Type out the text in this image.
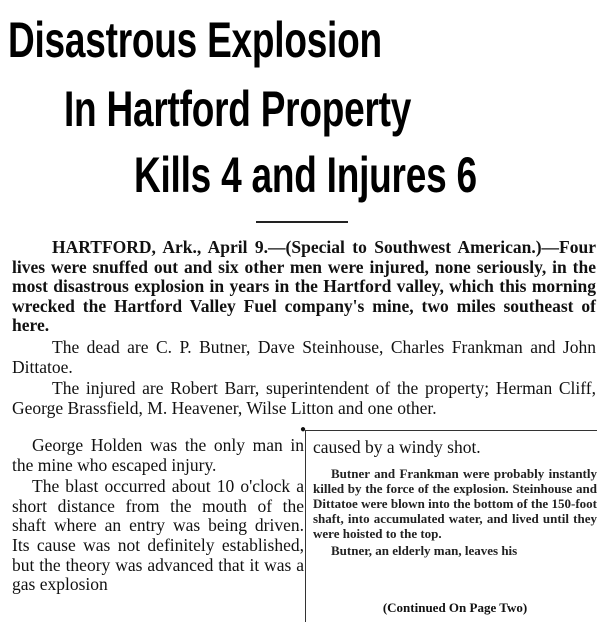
Disastrous Explosion
In Hartford Property
Kills 4 and Injures 6

HARTFORD, Ark., April 9.—(Special to Southwest American.)—Four lives were snuffed out and six other men were injured, none seriously, in the most disastrous explosion in years in the Hartford valley, which this morning wrecked the Hartford Valley Fuel company's mine, two miles southeast of here.

The dead are C. P. Butner, Dave Steinhouse, Charles Frankman and John Dittatoe.

The injured are Robert Barr, superintendent of the property; Herman Cliff, George Brassfield, M. Heavener, Wilse Litton and one other.

George Holden was the only man in the mine who escaped injury.

The blast occurred about 10 o'clock a short distance from the mouth of the shaft where an entry was being driven. Its cause was not definitely established, but the theory was advanced that it was a gas explosion

●

caused by a windy shot.

Butner and Frankman were probably instantly killed by the force of the explosion. Steinhouse and Dittatoe were blown into the bottom of the 150-foot shaft, into accumulated water, and lived until they were hoisted to the top.

Butner, an elderly man, leaves his

(Continued On Page Two)
